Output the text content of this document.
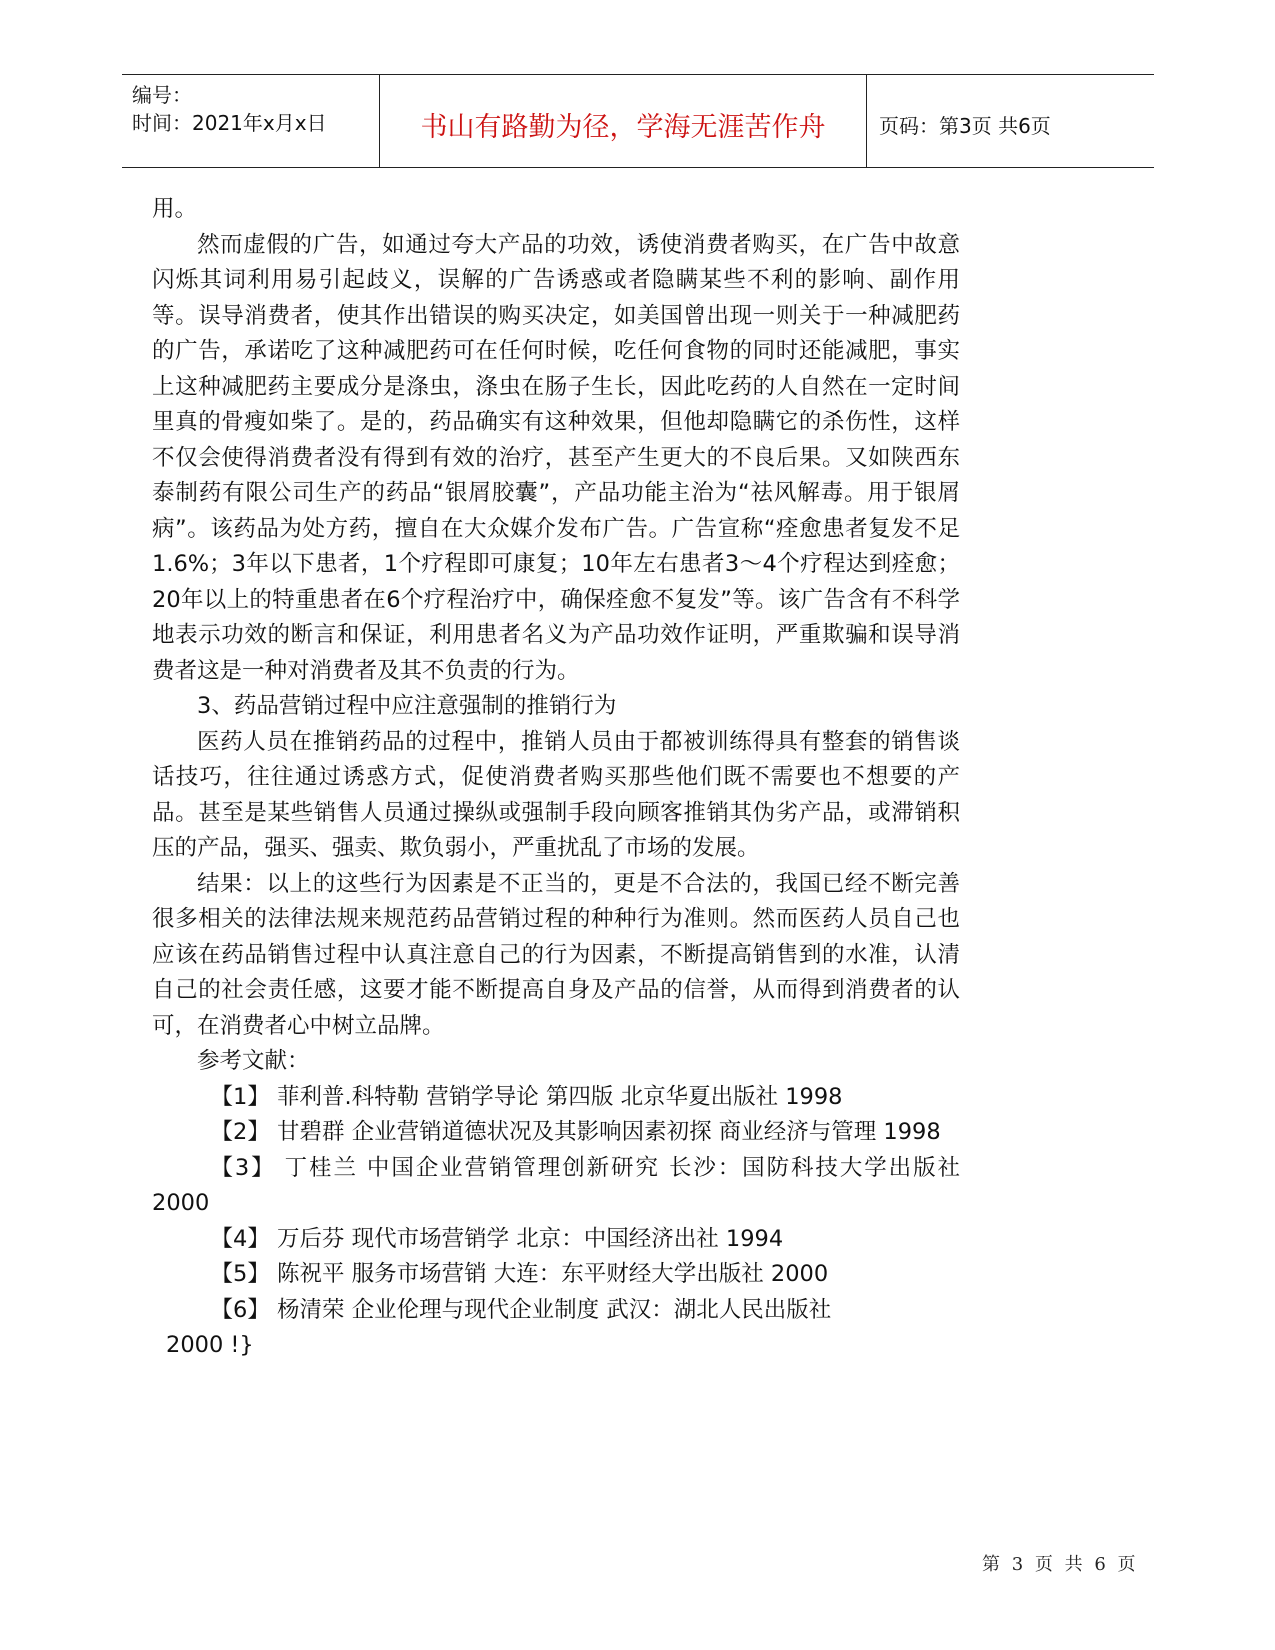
编号：
时间：2021年x月x日	书山有路勤为径，学海无涯苦作舟	页码：第3页 共6页

用。

然而虚假的广告，如通过夸大产品的功效，诱使消费者购买，在广告中故意闪烁其词利用易引起歧义，误解的广告诱惑或者隐瞒某些不利的影响、副作用等。误导消费者，使其作出错误的购买决定，如美国曾出现一则关于一种减肥药的广告，承诺吃了这种减肥药可在任何时候，吃任何食物的同时还能减肥，事实上这种减肥药主要成分是涤虫，涤虫在肠子生长，因此吃药的人自然在一定时间里真的骨瘦如柴了。是的，药品确实有这种效果，但他却隐瞒它的杀伤性，这样不仅会使得消费者没有得到有效的治疗，甚至产生更大的不良后果。又如陕西东泰制药有限公司生产的药品“银屑胶囊”，产品功能主治为“祛风解毒。用于银屑病”。该药品为处方药，擅自在大众媒介发布广告。广告宣称“痊愈患者复发不足1.6%；3年以下患者，1个疗程即可康复；10年左右患者3～4个疗程达到痊愈；20年以上的特重患者在6个疗程治疗中，确保痊愈不复发”等。该广告含有不科学地表示功效的断言和保证，利用患者名义为产品功效作证明，严重欺骗和误导消费者这是一种对消费者及其不负责的行为。

3、药品营销过程中应注意强制的推销行为

医药人员在推销药品的过程中，推销人员由于都被训练得具有整套的销售谈话技巧，往往通过诱惑方式，促使消费者购买那些他们既不需要也不想要的产品。甚至是某些销售人员通过操纵或强制手段向顾客推销其伪劣产品，或滞销积压的产品，强买、强卖、欺负弱小，严重扰乱了市场的发展。

结果：以上的这些行为因素是不正当的，更是不合法的，我国已经不断完善很多相关的法律法规来规范药品营销过程的种种行为准则。然而医药人员自己也应该在药品销售过程中认真注意自己的行为因素，不断提高销售到的水准，认清自己的社会责任感，这要才能不断提高自身及产品的信誉，从而得到消费者的认可，在消费者心中树立品牌。

参考文献：

【1】 菲利普.科特勒 营销学导论 第四版 北京华夏出版社 1998

【2】 甘碧群 企业营销道德状况及其影响因素初探 商业经济与管理 1998

【3】 丁桂兰 中国企业营销管理创新研究 长沙：国防科技大学出版社 2000

【4】 万后芬 现代市场营销学 北京：中国经济出社 1994

【5】 陈祝平 服务市场营销 大连：东平财经大学出版社 2000

【6】 杨清荣 企业伦理与现代企业制度 武汉：湖北人民出版社

2000 !}

第 3 页 共 6 页
